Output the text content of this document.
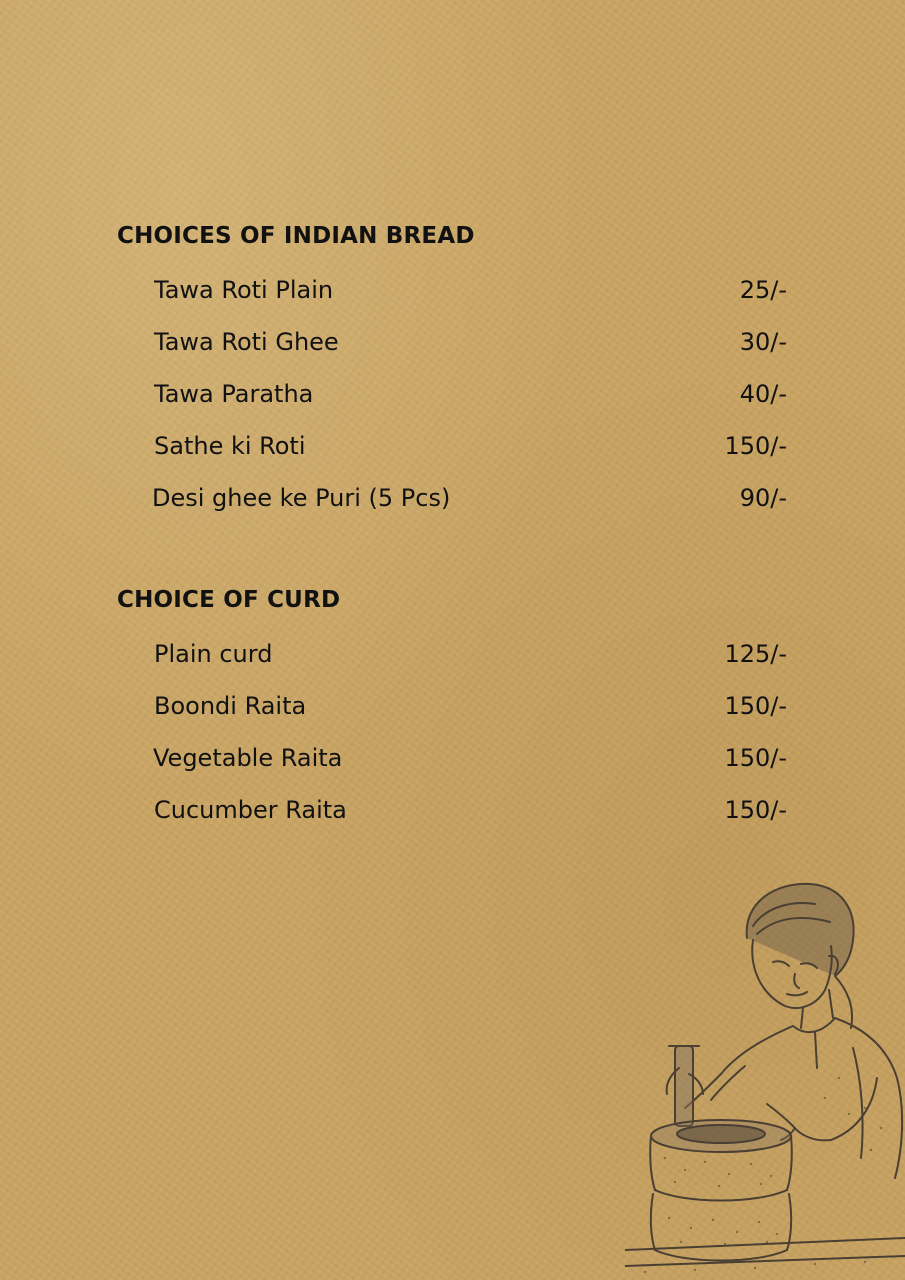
CHOICES OF INDIAN BREAD
Tawa Roti Plain	25/-
Tawa Roti Ghee	30/-
Tawa Paratha	40/-
Sathe ki Roti	150/-
Desi ghee ke Puri (5 Pcs)	90/-
CHOICE OF CURD
Plain curd	125/-
Boondi Raita	150/-
Vegetable Raita	150/-
Cucumber Raita	150/-
